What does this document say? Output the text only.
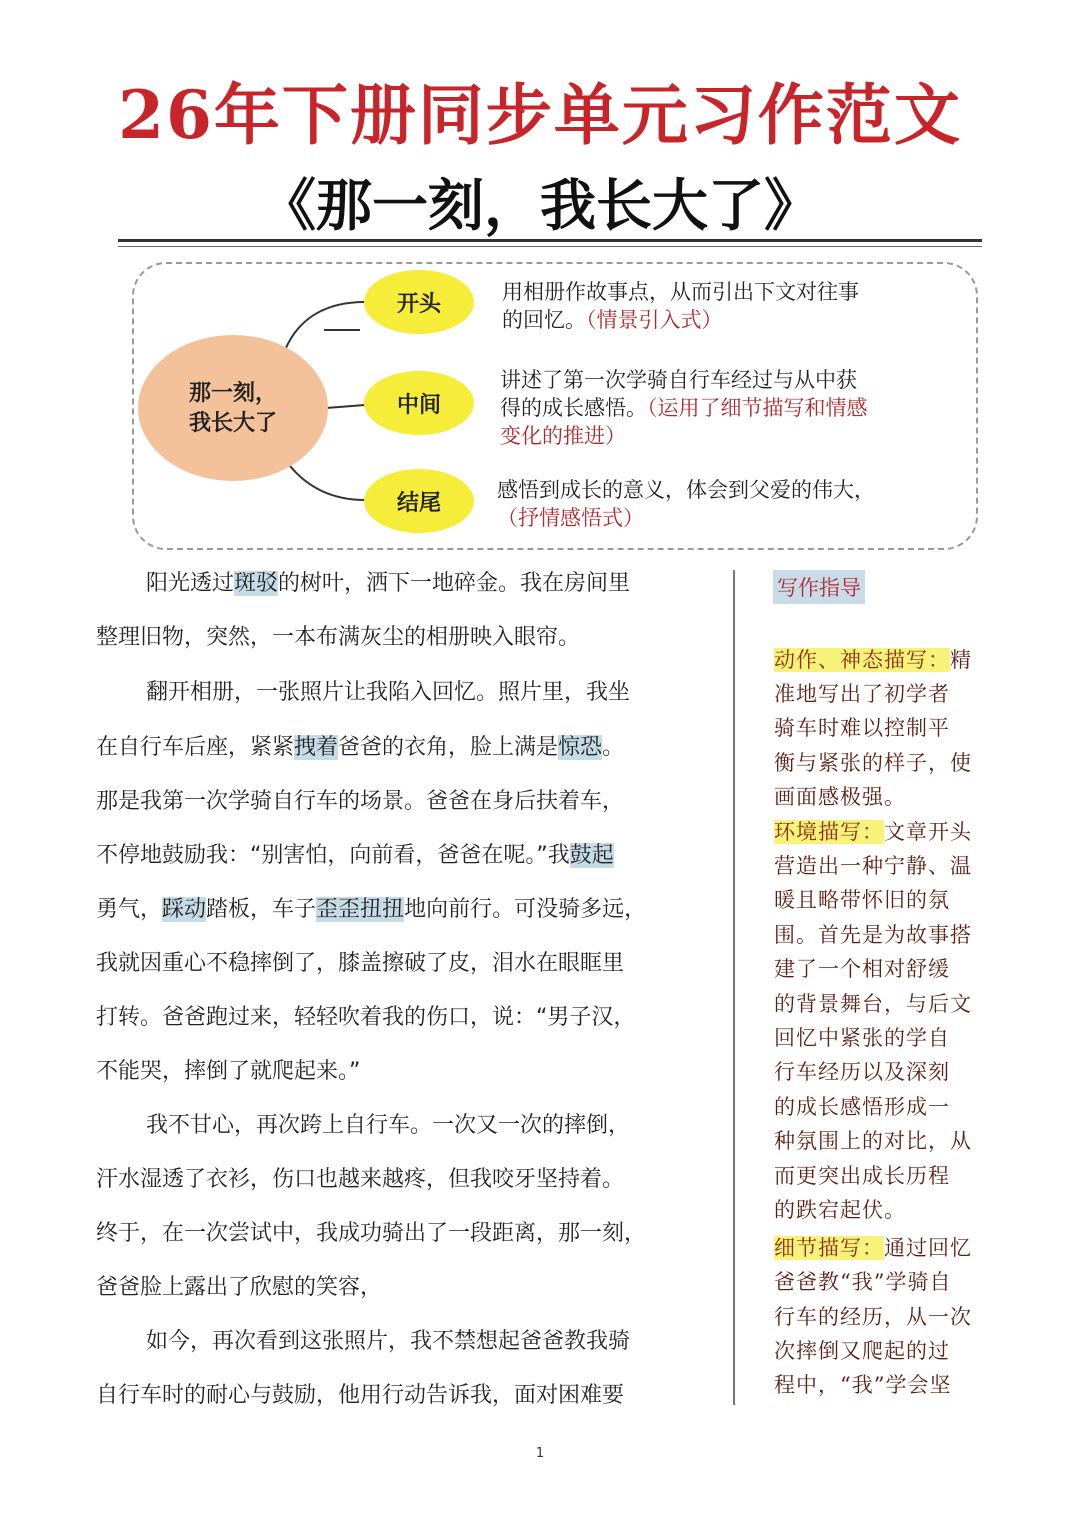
26年下册同步单元习作范文
《那一刻，我长大了》
那一刻，
我长大了
开头
中间
结尾
用相册作故事点，从而引出下文对往事
的回忆。（情景引入式）
讲述了第一次学骑自行车经过与从中获
得的成长感悟。（运用了细节描写和情感
变化的推进）
感悟到成长的意义，体会到父爱的伟大，
（抒情感悟式）
阳光透过斑驳的树叶，洒下一地碎金。我在房间里
整理旧物，突然，一本布满灰尘的相册映入眼帘。
翻开相册，一张照片让我陷入回忆。照片里，我坐
在自行车后座，紧紧拽着爸爸的衣角，脸上满是惊恐。
那是我第一次学骑自行车的场景。爸爸在身后扶着车，
不停地鼓励我：“别害怕，向前看，爸爸在呢。”我鼓起
勇气，踩动踏板，车子歪歪扭扭地向前行。可没骑多远，
我就因重心不稳摔倒了，膝盖擦破了皮，泪水在眼眶里
打转。爸爸跑过来，轻轻吹着我的伤口，说：“男子汉，
不能哭，摔倒了就爬起来。”
我不甘心，再次跨上自行车。一次又一次的摔倒，
汗水湿透了衣衫，伤口也越来越疼，但我咬牙坚持着。
终于，在一次尝试中，我成功骑出了一段距离，那一刻，
爸爸脸上露出了欣慰的笑容，
如今，再次看到这张照片，我不禁想起爸爸教我骑
自行车时的耐心与鼓励，他用行动告诉我，面对困难要
写作指导
动作、神态描写：精
准地写出了初学者
骑车时难以控制平
衡与紧张的样子，使
画面感极强。
环境描写：文章开头
营造出一种宁静、温
暖且略带怀旧的氛
围。首先是为故事搭
建了一个相对舒缓
的背景舞台，与后文
回忆中紧张的学自
行车经历以及深刻
的成长感悟形成一
种氛围上的对比，从
而更突出成长历程
的跌宕起伏。
细节描写：通过回忆
爸爸教“我”学骑自
行车的经历，从一次
次摔倒又爬起的过
程中，“我”学会坚
1
